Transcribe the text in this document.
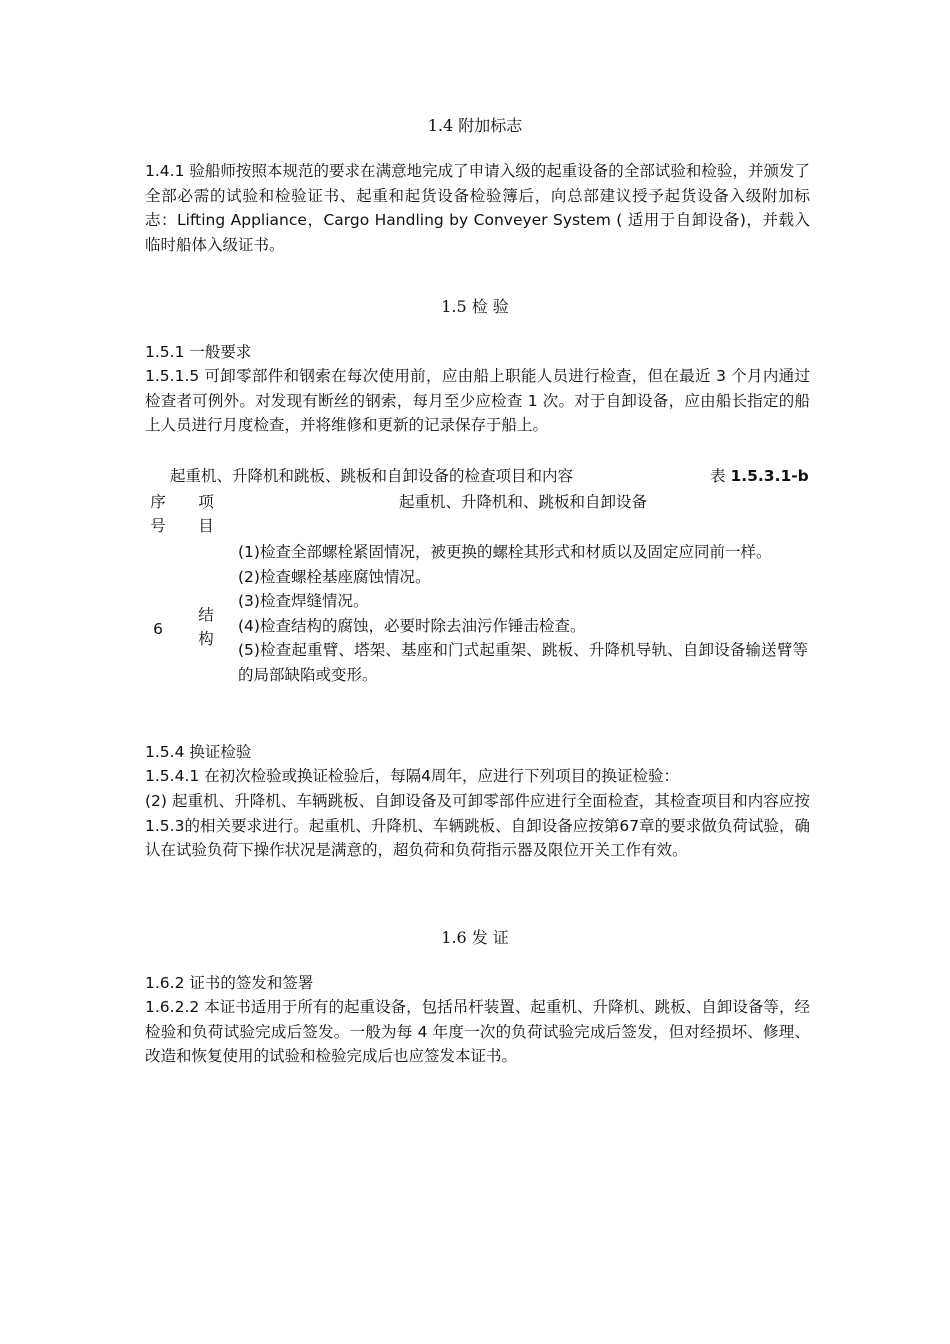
1.4 附加标志

1.4.1 验船师按照本规范的要求在满意地完成了申请入级的起重设备的全部试验和检验，并颁发了全部必需的试验和检验证书、起重和起货设备检验簿后，向总部建议授予起货设备入级附加标志：Lifting Appliance，Cargo Handling by Conveyer System ( 适用于自卸设备)，并载入临时船体入级证书。

1.5 检 验
1.5.1 一般要求

1.5.1.5 可卸零部件和钢索在每次使用前，应由船上职能人员进行检查，但在最近 3 个月内通过检查者可例外。对发现有断丝的钢索，每月至少应检查 1 次。对于自卸设备，应由船长指定的船上人员进行月度检查，并将维修和更新的记录保存于船上。

起重机、升降机和跳板、跳板和自卸设备的检查项目和内容	表 1.5.3.1-b
序号
项目
起重机、升降机和、跳板和自卸设备
6
结构
(1)检查全部螺栓紧固情况，被更换的螺栓其形式和材质以及固定应同前一样。
(2)检查螺栓基座腐蚀情况。
(3)检查焊缝情况。
(4)检查结构的腐蚀，必要时除去油污作锤击检查。
(5)检查起重臂、塔架、基座和门式起重架、跳板、升降机导轨、自卸设备输送臂等的局部缺陷或变形。
1.5.4 换证检验
1.5.4.1 在初次检验或换证检验后，每隔4周年，应进行下列项目的换证检验：

(2) 起重机、升降机、车辆跳板、自卸设备及可卸零部件应进行全面检查，其检查项目和内容应按1.5.3的相关要求进行。起重机、升降机、车辆跳板、自卸设备应按第67章的要求做负荷试验，确认在试验负荷下操作状况是满意的，超负荷和负荷指示器及限位开关工作有效。

1.6 发 证
1.6.2 证书的签发和签署

1.6.2.2 本证书适用于所有的起重设备，包括吊杆装置、起重机、升降机、跳板、自卸设备等，经检验和负荷试验完成后签发。一般为每 4 年度一次的负荷试验完成后签发，但对经损坏、修理、改造和恢复使用的试验和检验完成后也应签发本证书。
